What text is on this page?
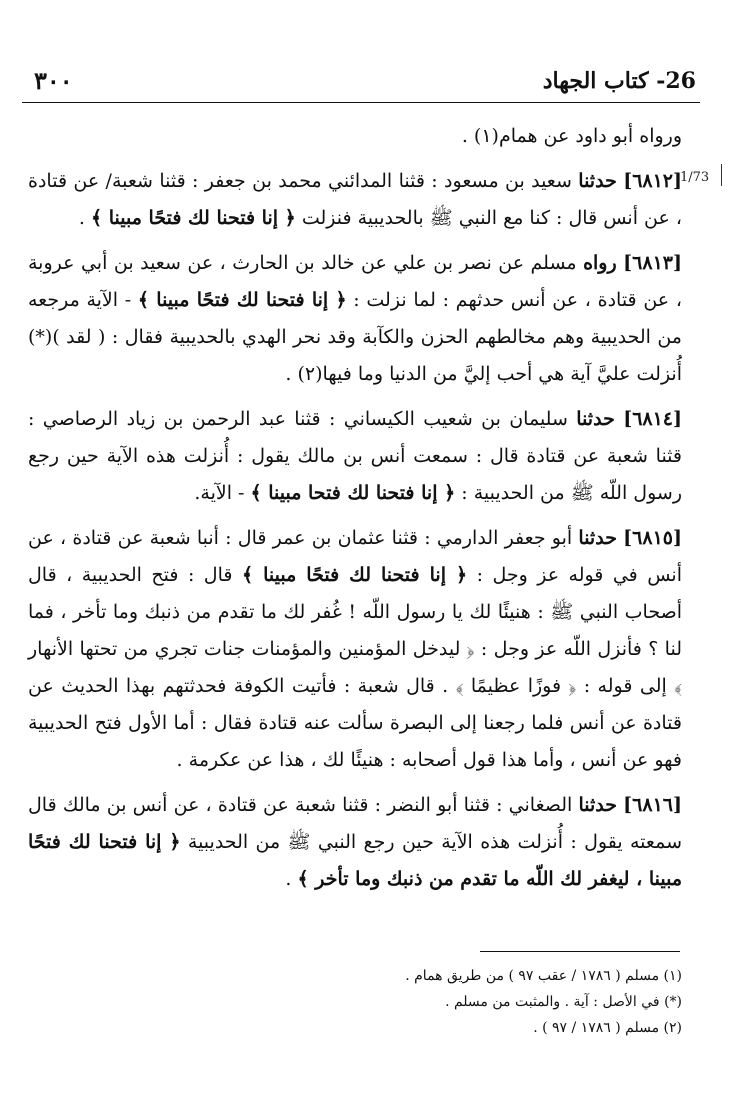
٣٠٠	26- كتاب الجهاد
1/73

ورواه أبو داود عن همام(١) .

[٦٨١٢] حدثنا سعيد بن مسعود : قثنا المدائني محمد بن جعفر : قثنا شعبة/ عن قتادة ، عن أنس قال : كنا مع النبي ﷺ بالحديبية فنزلت ﴿ إنا فتحنا لك فتحًا مبينا ﴾ .

[٦٨١٣] رواه مسلم عن نصر بن علي عن خالد بن الحارث ، عن سعيد بن أبي عروبة ، عن قتادة ، عن أنس حدثهم : لما نزلت : ﴿ إنا فتحنا لك فتحًا مبينا ﴾ - الآية مرجعه من الحديبية وهم مخالطهم الحزن والكآبة وقد نحر الهدي بالحديبية فقال : ( لقد )(*) أُنزلت عليَّ آية هي أحب إليَّ من الدنيا وما فيها(٢) .

[٦٨١٤] حدثنا سليمان بن شعيب الكيساني : قثنا عبد الرحمن بن زياد الرصاصي : قثنا شعبة عن قتادة قال : سمعت أنس بن مالك يقول : أُنزلت هذه الآية حين رجع رسول اللّه ﷺ من الحديبية : ﴿ إنا فتحنا لك فتحا مبينا ﴾ - الآية.

[٦٨١٥] حدثنا أبو جعفر الدارمي : قثنا عثمان بن عمر قال : أنبا شعبة عن قتادة ، عن أنس في قوله عز وجل : ﴿ إنا فتحنا لك فتحًا مبينا ﴾ قال : فتح الحديبية ، قال أصحاب النبي ﷺ : هنيئًا لك يا رسول اللّه ! غُفر لك ما تقدم من ذنبك وما تأخر ، فما لنا ؟ فأنزل اللّه عز وجل : ﴿ ليدخل المؤمنين والمؤمنات جنات تجري من تحتها الأنهار ﴾ إلى قوله : ﴿ فوزًا عظيمًا ﴾ . قال شعبة : فأتيت الكوفة فحدثتهم بهذا الحديث عن قتادة عن أنس فلما رجعنا إلى البصرة سألت عنه قتادة فقال : أما الأول فتح الحديبية فهو عن أنس ، وأما هذا قول أصحابه : هنيئًا لك ، هذا عن عكرمة .

[٦٨١٦] حدثنا الصغاني : قثنا أبو النضر : قثنا شعبة عن قتادة ، عن أنس بن مالك قال سمعته يقول : أُنزلت هذه الآية حين رجع النبي ﷺ من الحديبية ﴿ إنا فتحنا لك فتحًا مبينا ، ليغفر لك اللّه ما تقدم من ذنبك وما تأخر ﴾ .

(١) مسلم ( ١٧٨٦ / عقب ٩٧ ) من طريق همام .
(*) في الأصل : آية . والمثبت من مسلم .
(٢) مسلم ( ١٧٨٦ / ٩٧ ) .
